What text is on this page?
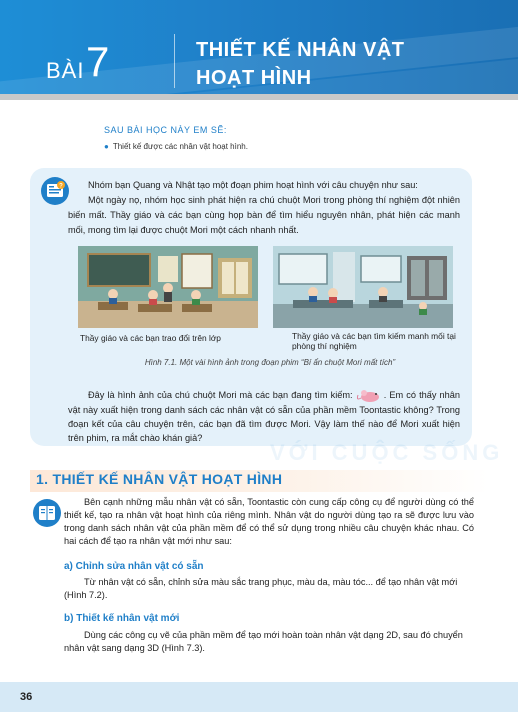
BÀI 7	THIẾT KẾ NHÂN VẬT
HOẠT HÌNH
SAU BÀI HỌC NÀY EM SẼ:
● Thiết kế được các nhân vật hoạt hình.
?	Nhóm bạn Quang và Nhật tạo một đoạn phim hoạt hình với câu chuyện như sau:

Một ngày nọ, nhóm học sinh phát hiện ra chú chuột Mori trong phòng thí nghiệm đột nhiên biến mất. Thầy giáo và các bạn cùng họp bàn để tìm hiểu nguyên nhân, phát hiện các manh mối, mong tìm lại được chuột Mori một cách nhanh nhất.

Thầy giáo và các bạn trao đổi trên lớp	Thầy giáo và các bạn tìm kiếm manh mối tại phòng thí nghiệm
Hình 7.1. Một vài hình ảnh trong đoạn phim “Bí ẩn chuột Mori mất tích”

Đây là hình ảnh của chú chuột Mori mà các bạn đang tìm kiếm:	. Em có thấy nhân vật này xuất hiện trong danh sách các nhân vật có sẵn của phần mềm Toontastic không? Trong đoạn kết của câu chuyện trên, các bạn đã tìm được Mori. Vậy làm thế nào để Mori xuất hiện trên phim, ra mắt chào khán giả?

VỚI CUỘC SỐNG
1. THIẾT KẾ NHÂN VẬT HOẠT HÌNH

Bên cạnh những mẫu nhân vật có sẵn, Toontastic còn cung cấp công cụ để người dùng có thể thiết kế, tạo ra nhân vật hoạt hình của riêng mình. Nhân vật do người dùng tạo ra sẽ được lưu vào trong danh sách nhân vật của phần mềm để có thể sử dụng trong nhiều câu chuyện khác nhau. Có hai cách để tạo ra nhân vật mới như sau:

a) Chỉnh sửa nhân vật có sẵn

Từ nhân vật có sẵn, chỉnh sửa màu sắc trang phục, màu da, màu tóc... để tạo nhân vật mới (Hình 7.2).

b) Thiết kế nhân vật mới

Dùng các công cụ vẽ của phần mềm để tạo mới hoàn toàn nhân vật dạng 2D, sau đó chuyển nhân vật sang dạng 3D (Hình 7.3).

36
